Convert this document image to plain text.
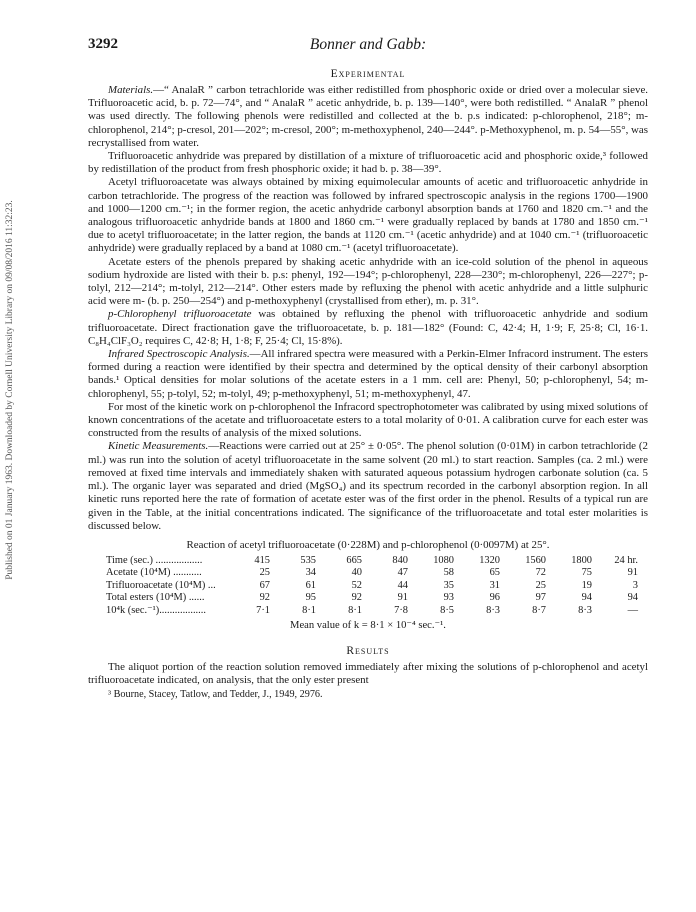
Published on 01 January 1963. Downloaded by Cornell University Library on 09/08/2016 11:32:23.
3292	Bonner and Gabb:
Experimental

Materials.—“ AnalaR ” carbon tetrachloride was either redistilled from phosphoric oxide or dried over a molecular sieve. Trifluoroacetic acid, b. p. 72—74°, and “ AnalaR ” acetic anhydride, b. p. 139—140°, were both redistilled. “ AnalaR ” phenol was used directly. The following phenols were redistilled and collected at the b. p.s indicated: p-chlorophenol, 218°; m-chlorophenol, 214°; p-cresol, 201—202°; m-cresol, 200°; m-methoxyphenol, 240—244°. p-Methoxyphenol, m. p. 54—55°, was recrystallised from water.

Trifluoroacetic anhydride was prepared by distillation of a mixture of trifluoroacetic acid and phosphoric oxide,³ followed by redistillation of the product from fresh phosphoric oxide; it had b. p. 38—39°.

Acetyl trifluoroacetate was always obtained by mixing equimolecular amounts of acetic and trifluoroacetic anhydride in carbon tetrachloride. The progress of the reaction was followed by infrared spectroscopic analysis in the regions 1700—1900 and 1000—1200 cm.⁻¹; in the former region, the acetic anhydride carbonyl absorption bands at 1760 and 1820 cm.⁻¹ and the analogous trifluoroacetic anhydride bands at 1800 and 1860 cm.⁻¹ were gradually replaced by bands at 1780 and 1850 cm.⁻¹ due to acetyl trifluoroacetate; in the latter region, the bands at 1120 cm.⁻¹ (acetic anhydride) and at 1040 cm.⁻¹ (trifluoroacetic anhydride) were gradually replaced by a band at 1080 cm.⁻¹ (acetyl trifluoroacetate).

Acetate esters of the phenols prepared by shaking acetic anhydride with an ice-cold solution of the phenol in aqueous sodium hydroxide are listed with their b. p.s: phenyl, 192—194°; p-chlorophenyl, 228—230°; m-chlorophenyl, 226—227°; p-tolyl, 212—214°; m-tolyl, 212—214°. Other esters made by refluxing the phenol with acetic anhydride and a little sulphuric acid were m- (b. p. 250—254°) and p-methoxyphenyl (crystallised from ether), m. p. 31°.

p-Chlorophenyl trifluoroacetate was obtained by refluxing the phenol with trifluoroacetic anhydride and sodium trifluoroacetate. Direct fractionation gave the trifluoroacetate, b. p. 181—182° (Found: C, 42·4; H, 1·9; F, 25·8; Cl, 16·1. C₈H₄ClF₃O₂ requires C, 42·8; H, 1·8; F, 25·4; Cl, 15·8%).

Infrared Spectroscopic Analysis.—All infrared spectra were measured with a Perkin-Elmer Infracord instrument. The esters formed during a reaction were identified by their spectra and determined by the optical density of their carbonyl absorption bands.¹ Optical densities for molar solutions of the acetate esters in a 1 mm. cell are: Phenyl, 50; p-chlorophenyl, 54; m-chlorophenyl, 55; p-tolyl, 52; m-tolyl, 49; p-methoxyphenyl, 51; m-methoxyphenyl, 47.

For most of the kinetic work on p-chlorophenol the Infracord spectrophotometer was calibrated by using mixed solutions of known concentrations of the acetate and trifluoroacetate esters to a total molarity of 0·01. A calibration curve for each ester was constructed from the results of analysis of the mixed solutions.

Kinetic Measurements.—Reactions were carried out at 25° ± 0·05°. The phenol solution (0·01M) in carbon tetrachloride (2 ml.) was run into the solution of acetyl trifluoroacetate in the same solvent (20 ml.) to start reaction. Samples (ca. 2 ml.) were removed at fixed time intervals and immediately shaken with saturated aqueous potassium hydrogen carbonate solution (ca. 5 ml.). The organic layer was separated and dried (MgSO₄) and its spectrum recorded in the carbonyl absorption region. In all kinetic runs reported here the rate of formation of acetate ester was of the first order in the phenol. Results of a typical run are given in the Table, at the initial concentrations indicated. The significance of the trifluoroacetate and total ester molarities is discussed below.

Reaction of acetyl trifluoroacetate (0·228M) and p-chlorophenol (0·0097M) at 25°.
Time (sec.) ..................	415	535	665	840	1080	1320	1560	1800	24 hr.
Acetate (10⁴M) ...........	25	34	40	47	58	65	72	75	91
Trifluoroacetate (10⁴M) ...	67	61	52	44	35	31	25	19	3
Total esters (10⁴M) ......	92	95	92	91	93	96	97	94	94
10⁴k (sec.⁻¹)..................	7·1	8·1	8·1	7·8	8·5	8·3	8·7	8·3	—
Mean value of k = 8·1 × 10⁻⁴ sec.⁻¹.
Results

The aliquot portion of the reaction solution removed immediately after mixing the solutions of p-chlorophenol and acetyl trifluoroacetate indicated, on analysis, that the only ester present

³ Bourne, Stacey, Tatlow, and Tedder, J., 1949, 2976.
